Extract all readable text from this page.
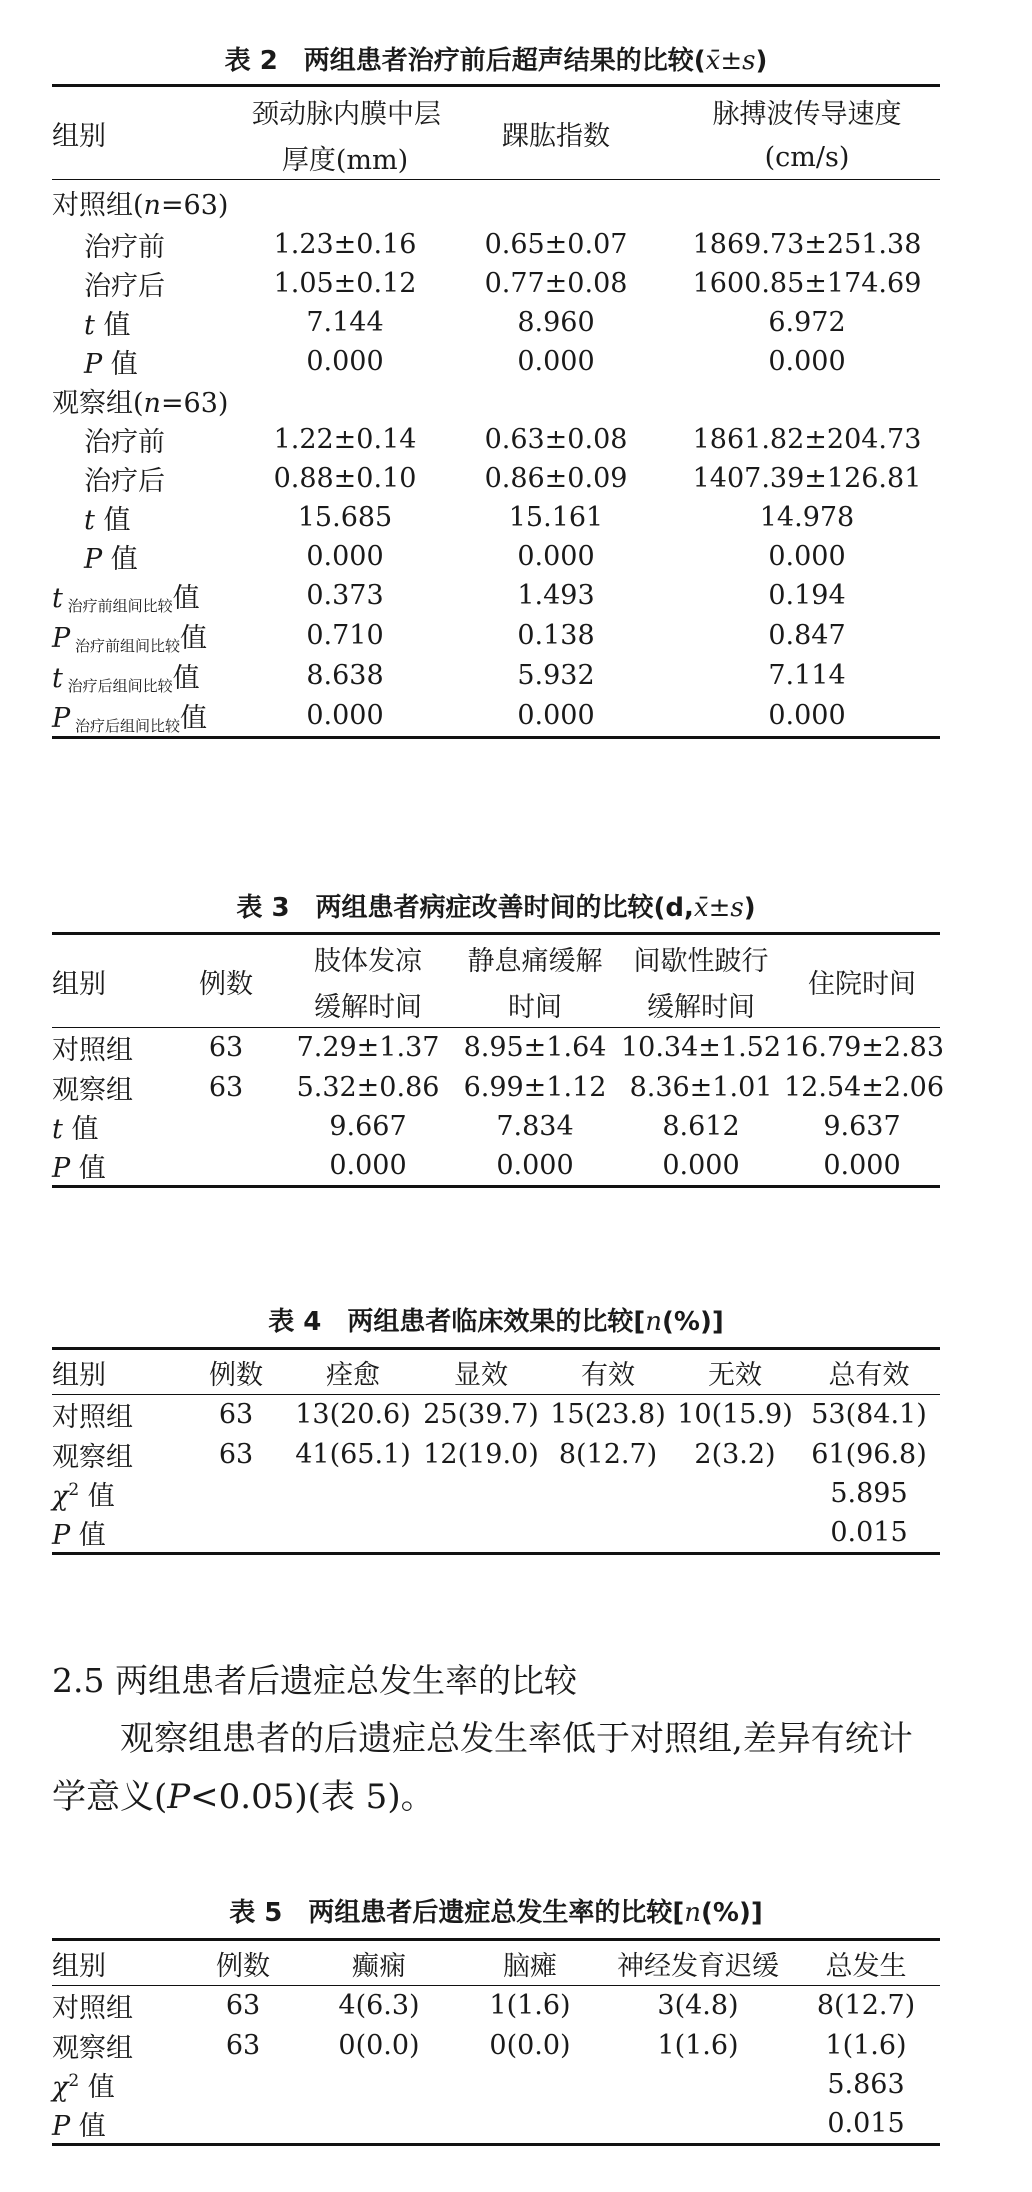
表 2　两组患者治疗前后超声结果的比较(x̄±s)
组别	颈动脉内膜中层	踝肱指数	脉搏波传导速度
	厚度(mm)		(cm/s)
对照组(n=63)			
治疗前	1.23±0.16	0.65±0.07	1869.73±251.38
治疗后	1.05±0.12	0.77±0.08	1600.85±174.69
t 值	7.144	8.960	6.972
P 值	0.000	0.000	0.000
观察组(n=63)			
治疗前	1.22±0.14	0.63±0.08	1861.82±204.73
治疗后	0.88±0.10	0.86±0.09	1407.39±126.81
t 值	15.685	15.161	14.978
P 值	0.000	0.000	0.000
t $_{治疗前组间比较}$值	0.373	1.493	0.194
P $_{治疗前组间比较}$值	0.710	0.138	0.847
t $_{治疗后组间比较}$值	8.638	5.932	7.114
P $_{治疗后组间比较}$值	0.000	0.000	0.000
表 3　两组患者病症改善时间的比较(d,x̄±s)
组别	例数	肢体发凉	静息痛缓解	间歇性跛行	住院时间
		缓解时间	时间	缓解时间	
对照组	63	7.29±1.37	8.95±1.64	10.34±1.52	16.79±2.83
观察组	63	5.32±0.86	6.99±1.12	8.36±1.01	12.54±2.06
t 值		9.667	7.834	8.612	9.637
P 值		0.000	0.000	0.000	0.000
表 4　两组患者临床效果的比较[n(%)]
组别	例数	痊愈	显效	有效	无效	总有效
对照组	63	13(20.6)	25(39.7)	15(23.8)	10(15.9)	53(84.1)
观察组	63	41(65.1)	12(19.0)	8(12.7)	2(3.2)	61(96.8)
$\chi^2$ 值						5.895
P 值						0.015
2.5 两组患者后遗症总发生率的比较
观察组患者的后遗症总发生率低于对照组,差异有统计学意义(P<0.05)(表 5)。
表 5　两组患者后遗症总发生率的比较[n(%)]
组别	例数	癫痫	脑瘫	神经发育迟缓	总发生
对照组	63	4(6.3)	1(1.6)	3(4.8)	8(12.7)
观察组	63	0(0.0)	0(0.0)	1(1.6)	1(1.6)
$\chi^2$ 值					5.863
P 值					0.015
